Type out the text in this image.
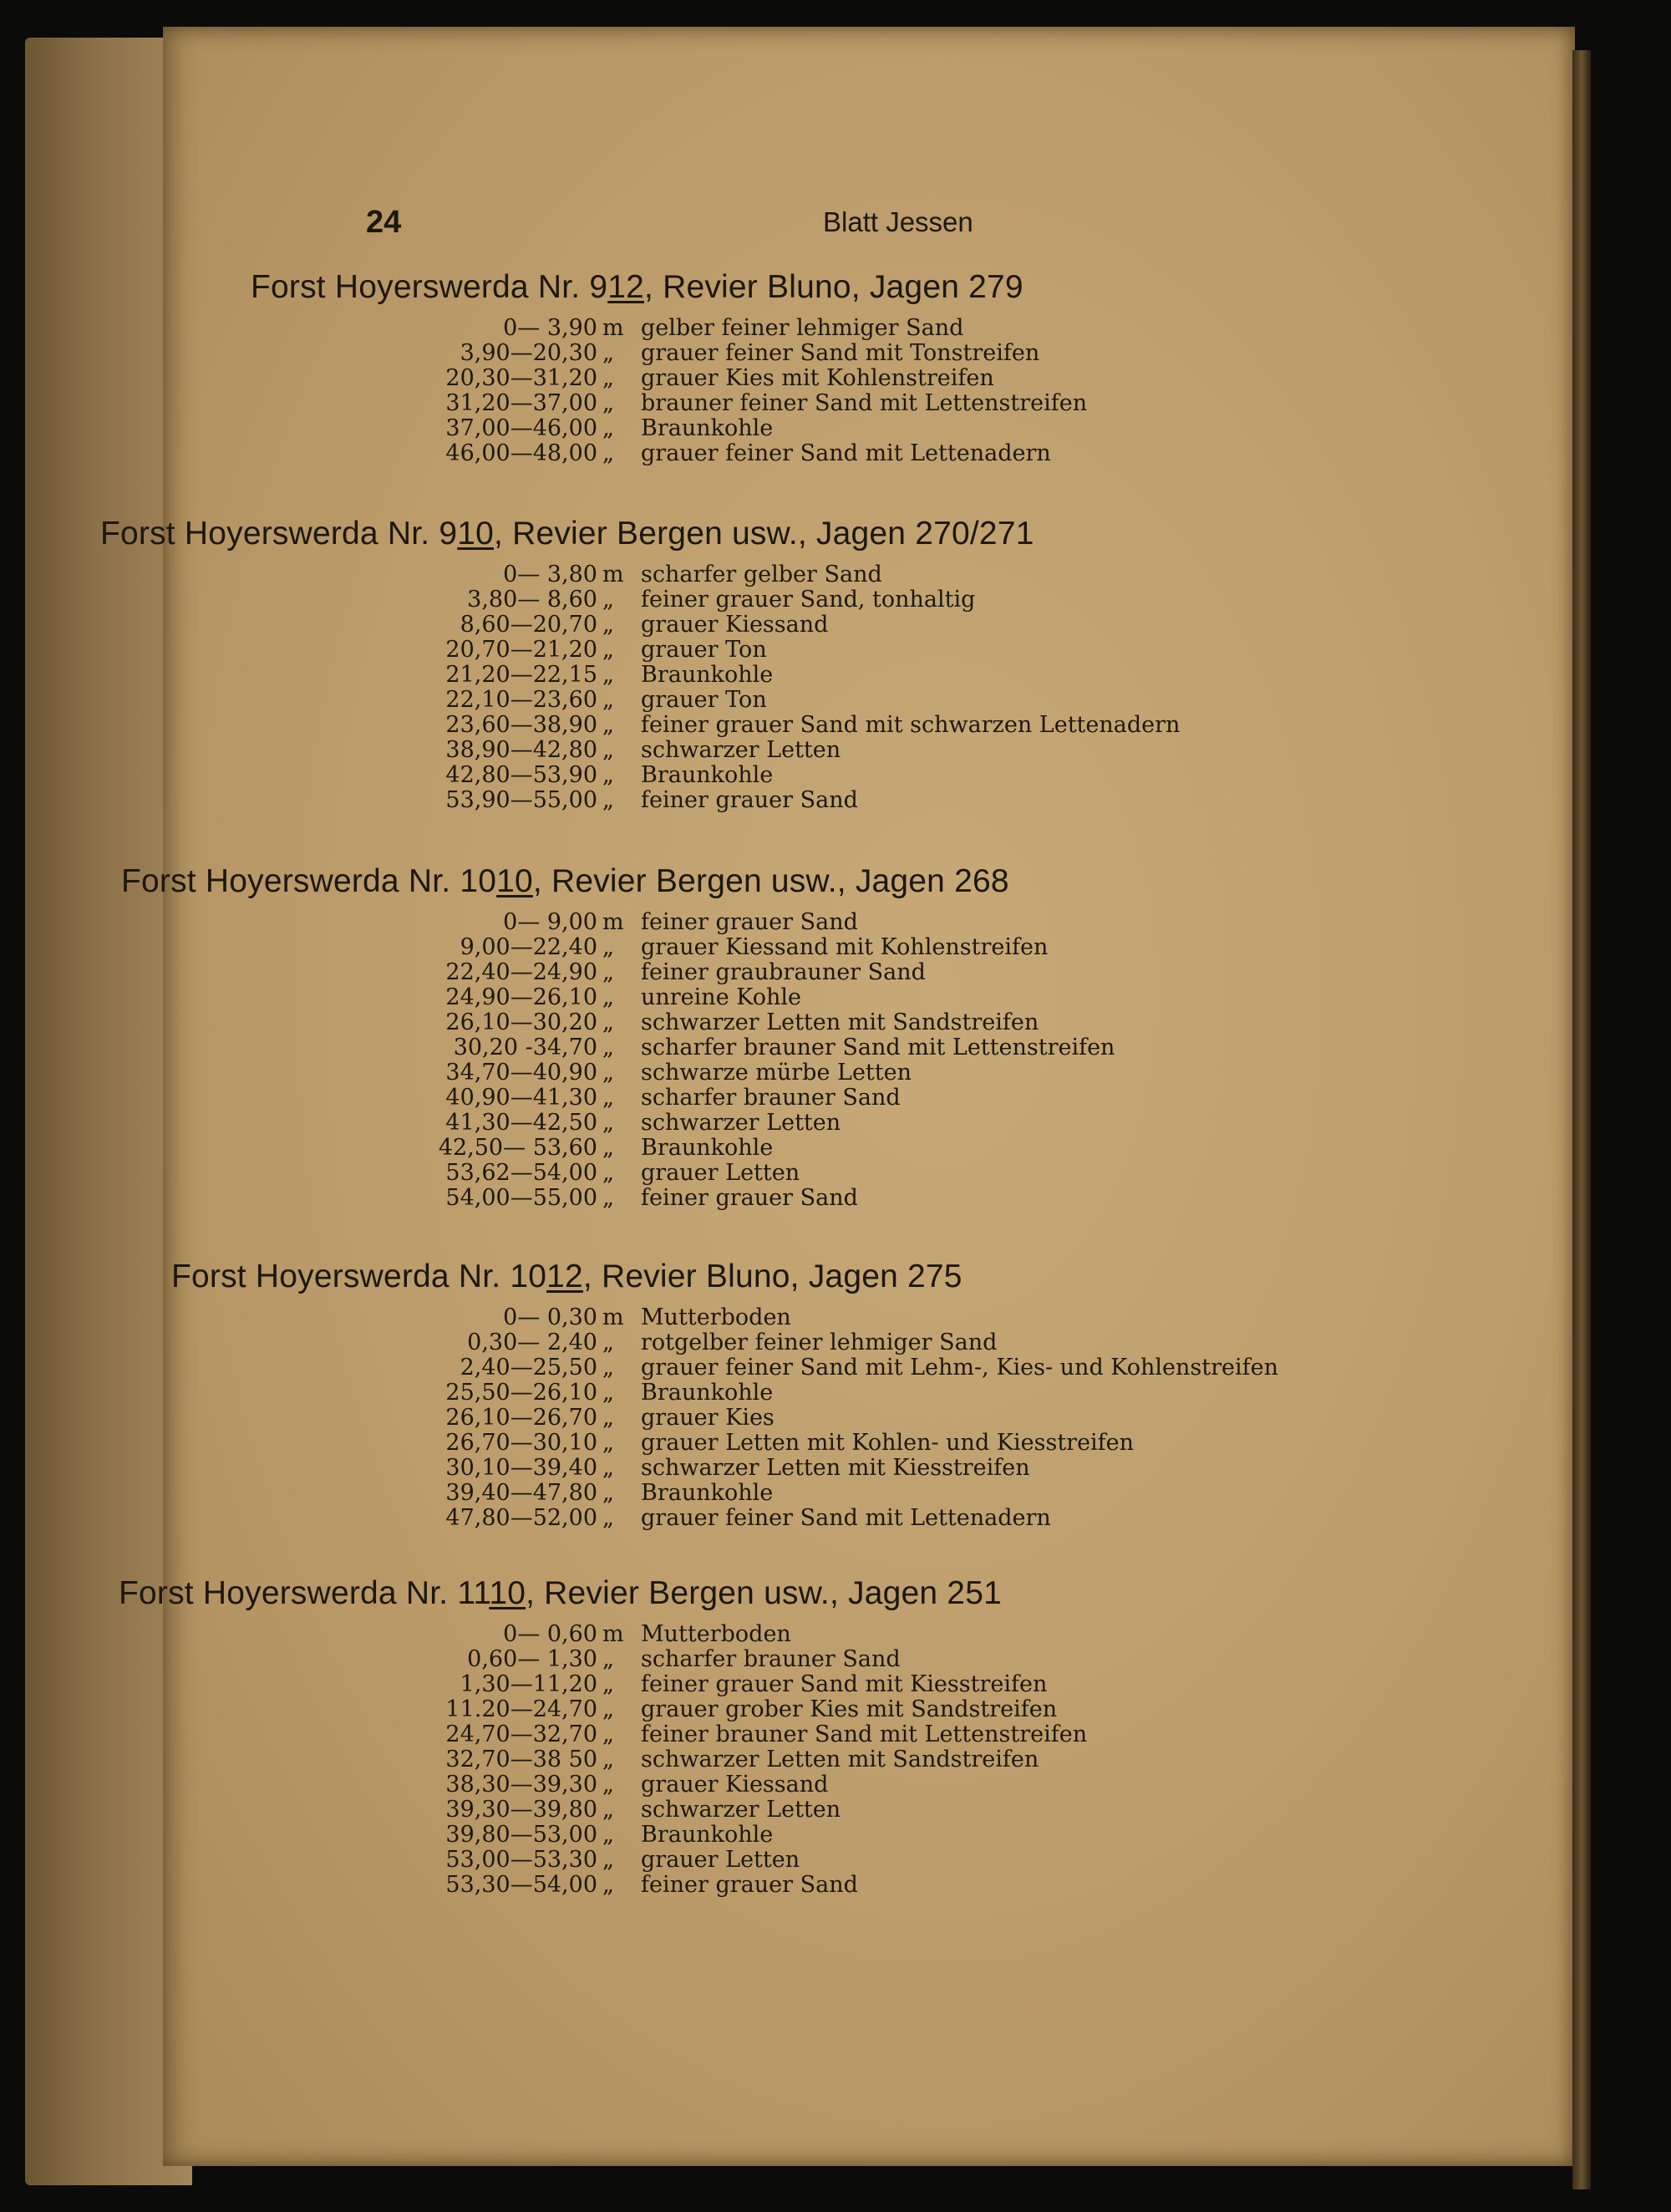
24	Blatt Jessen
Forst Hoyerswerda Nr. 912, Revier Bluno, Jagen 279
0— 3,90 m gelber feiner lehmiger Sand
3,90—20,30 „	grauer feiner Sand mit Tonstreifen
20,30—31,20 „	grauer Kies mit Kohlenstreifen
31,20—37,00 „	brauner feiner Sand mit Lettenstreifen
37,00—46,00 „	Braunkohle
46,00—48,00 „	grauer feiner Sand mit Lettenadern
Forst Hoyerswerda Nr. 910, Revier Bergen usw., Jagen 270/271
0— 3,80 m scharfer gelber Sand
3,80— 8,60 „	feiner grauer Sand, tonhaltig
8,60—20,70 „	grauer Kiessand
20,70—21,20 „	grauer Ton
21,20—22,15 „	Braunkohle
22,10—23,60 „	grauer Ton
23,60—38,90 „	feiner grauer Sand mit schwarzen Lettenadern
38,90—42,80 „	schwarzer Letten
42,80—53,90 „	Braunkohle
53,90—55,00 „	feiner grauer Sand
Forst Hoyerswerda Nr. 1010, Revier Bergen usw., Jagen 268
0— 9,00 m feiner grauer Sand
9,00—22,40 „	grauer Kiessand mit Kohlenstreifen
22,40—24,90 „	feiner graubrauner Sand
24,90—26,10 „	unreine Kohle
26,10—30,20 „	schwarzer Letten mit Sandstreifen
30,20 -34,70 „	scharfer brauner Sand mit Lettenstreifen
34,70—40,90 „	schwarze mürbe Letten
40,90—41,30 „	scharfer brauner Sand
41,30—42,50 „	schwarzer Letten
42,50— 53,60 „	Braunkohle
53,62—54,00 „	grauer Letten
54,00—55,00 „	feiner grauer Sand
Forst Hoyerswerda Nr. 1012, Revier Bluno, Jagen 275
0— 0,30 m Mutterboden
0,30— 2,40 „	rotgelber feiner lehmiger Sand
2,40—25,50 „	grauer feiner Sand mit Lehm-, Kies- und Kohlenstreifen
25,50—26,10 „	Braunkohle
26,10—26,70 „	grauer Kies
26,70—30,10 „	grauer Letten mit Kohlen- und Kiesstreifen
30,10—39,40 „	schwarzer Letten mit Kiesstreifen
39,40—47,80 „	Braunkohle
47,80—52,00 „	grauer feiner Sand mit Lettenadern
Forst Hoyerswerda Nr. 1110, Revier Bergen usw., Jagen 251
0— 0,60 m Mutterboden
0,60— 1,30 „	scharfer brauner Sand
1,30—11,20 „	feiner grauer Sand mit Kiesstreifen
11.20—24,70 „	grauer grober Kies mit Sandstreifen
24,70—32,70 „	feiner brauner Sand mit Lettenstreifen
32,70—38 50 „	schwarzer Letten mit Sandstreifen
38,30—39,30 „	grauer Kiessand
39,30—39,80 „	schwarzer Letten
39,80—53,00 „	Braunkohle
53,00—53,30 „	grauer Letten
53,30—54,00 „	feiner grauer Sand
